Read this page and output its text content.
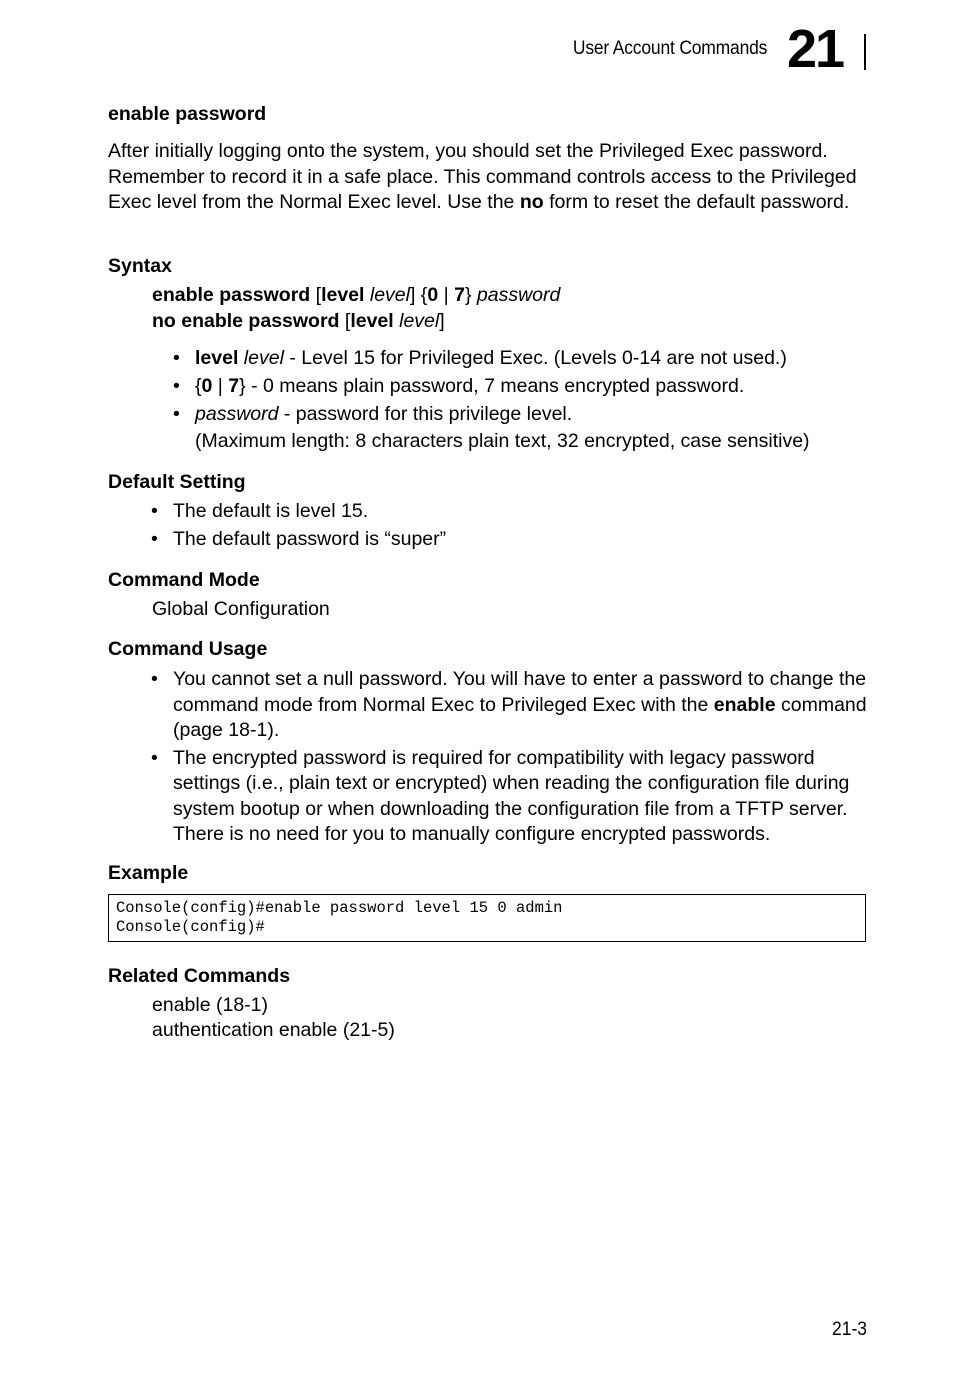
User Account Commands 21
enable password

After initially logging onto the system, you should set the Privileged Exec password. Remember to record it in a safe place. This command controls access to the Privileged Exec level from the Normal Exec level. Use the no form to reset the default password.

Syntax

enable password [level level] {0 | 7} password

no enable password [level level]

• level level - Level 15 for Privileged Exec. (Levels 0-14 are not used.)
• {0 | 7} - 0 means plain password, 7 means encrypted password.
• password - password for this privilege level.
(Maximum length: 8 characters plain text, 32 encrypted, case sensitive)
Default Setting
• The default is level 15.
• The default password is “super”
Command Mode

Global Configuration

Command Usage
• You cannot set a null password. You will have to enter a password to change the command mode from Normal Exec to Privileged Exec with the enable command (page 18-1).
• The encrypted password is required for compatibility with legacy password settings (i.e., plain text or encrypted) when reading the configuration file during system bootup or when downloading the configuration file from a TFTP server. There is no need for you to manually configure encrypted passwords.
Example
Console(config)#enable password level 15 0 admin
Console(config)#
Related Commands

enable (18-1)

authentication enable (21-5)

21-3
